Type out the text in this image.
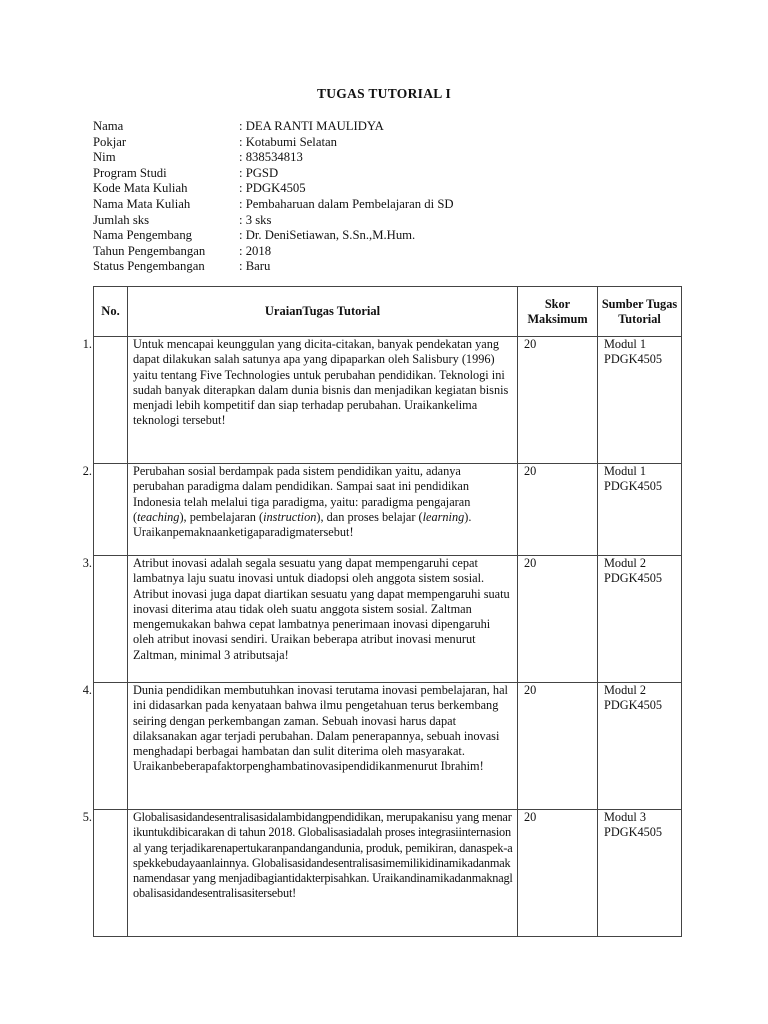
TUGAS TUTORIAL I
Nama	: DEA RANTI MAULIDYA
Pokjar	: Kotabumi Selatan
Nim	: 838534813
Program Studi	: PGSD
Kode Mata Kuliah	: PDGK4505
Nama Mata Kuliah	: Pembaharuan dalam Pembelajaran di SD
Jumlah sks	: 3 sks
Nama Pengembang	: Dr. DeniSetiawan, S.Sn.,M.Hum.
Tahun Pengembangan	: 2018
Status Pengembangan	: Baru
No.	UraianTugas Tutorial	Skor Maksimum	Sumber Tugas Tutorial

1.	Untuk mencapai keunggulan yang dicita-citakan, banyak pendekatan yang dapat dilakukan salah satunya apa yang dipaparkan oleh Salisbury (1996) yaitu tentang Five Technologies untuk perubahan pendidikan. Teknologi ini sudah banyak diterapkan dalam dunia bisnis dan menjadikan kegiatan bisnis menjadi lebih kompetitif dan siap terhadap perubahan. Uraikankelima teknologi tersebut!	20	Modul 1 PDGK4505

2.	Perubahan sosial berdampak pada sistem pendidikan yaitu, adanya perubahan paradigma dalam pendidikan. Sampai saat ini pendidikan Indonesia telah melalui tiga paradigma, yaitu: paradigma pengajaran (teaching), pembelajaran (instruction), dan proses belajar (learning). Uraikanpemaknaanketigaparadigmatersebut!	20	Modul 1 PDGK4505

3.	Atribut inovasi adalah segala sesuatu yang dapat mempengaruhi cepat lambatnya laju suatu inovasi untuk diadopsi oleh anggota sistem sosial. Atribut inovasi juga dapat diartikan sesuatu yang dapat mempengaruhi suatu inovasi diterima atau tidak oleh suatu anggota sistem sosial. Zaltman mengemukakan bahwa cepat lambatnya penerimaan inovasi dipengaruhi oleh atribut inovasi sendiri. Uraikan beberapa atribut inovasi menurut Zaltman, minimal 3 atributsaja!	20	Modul 2 PDGK4505

4.	Dunia pendidikan membutuhkan inovasi terutama inovasi pembelajaran, hal ini didasarkan pada kenyataan bahwa ilmu pengetahuan terus berkembang seiring dengan perkembangan zaman. Sebuah inovasi harus dapat dilaksanakan agar terjadi perubahan. Dalam penerapannya, sebuah inovasi menghadapi berbagai hambatan dan sulit diterima oleh masyarakat. Uraikanbeberapafaktorpenghambatinovasipendidikanmenurut Ibrahim!	20	Modul 2 PDGK4505

5.	Globalisasidandesentralisasidalambidangpendidikan, merupakanisu yang menarikuntukdibicarakan di tahun 2018. Globalisasiadalah proses integrasiinternasional yang terjadikarenapertukaranpandangandunia, produk, pemikiran, danaspek-aspekkebudayaanlainnya. Globalisasidandesentralisasimemilikidinamikadanmaknamendasar yang menjadibagiantidakterpisahkan. Uraikandinamikadanmaknaglobalisasidandesentralisasitersebut!	20	Modul 3 PDGK4505
